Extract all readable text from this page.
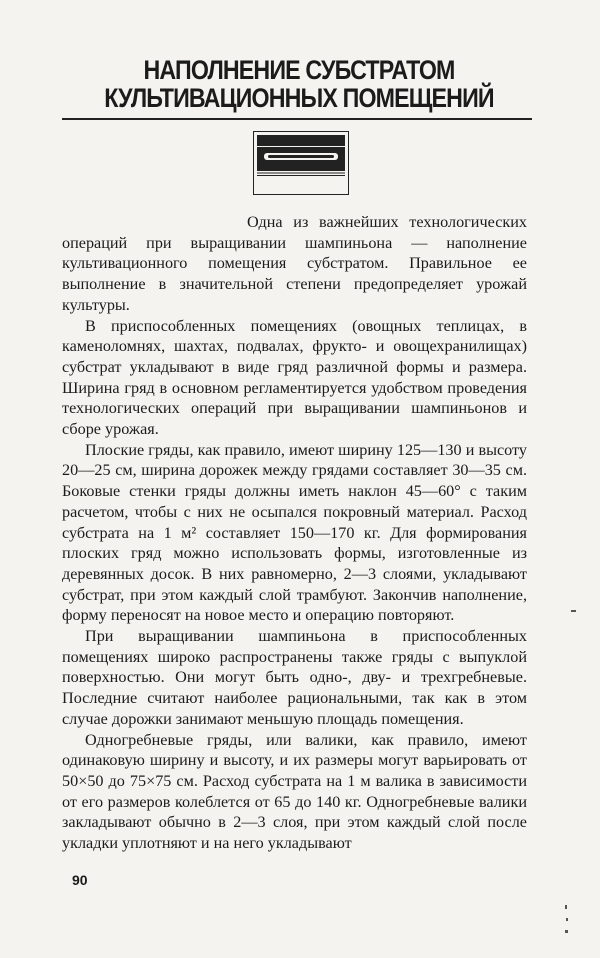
НАПОЛНЕНИЕ СУБСТРАТОМ
КУЛЬТИВАЦИОННЫХ ПОМЕЩЕНИЙ

Одна из важнейших технологических операций при выращивании шампиньона — наполнение культивационного помещения субстратом. Правильное ее выполнение в значительной степени предопределяет урожай культуры.

В приспособленных помещениях (овощных теплицах, в каменоломнях, шахтах, подвалах, фрукто- и овощехранилищах) субстрат укладывают в виде гряд различной формы и размера. Ширина гряд в основном регламентируется удобством проведения технологических операций при выращивании шампиньонов и сборе урожая.

Плоские гряды, как правило, имеют ширину 125—130 и высоту 20—25 см, ширина дорожек между грядами составляет 30—35 см. Боковые стенки гряды должны иметь наклон 45—60° с таким расчетом, чтобы с них не осыпался покровный материал. Расход субстрата на 1 м² составляет 150—170 кг. Для формирования плоских гряд можно использовать формы, изготовленные из деревянных досок. В них равномерно, 2—3 слоями, укладывают субстрат, при этом каждый слой трамбуют. Закончив наполнение, форму переносят на новое место и операцию повторяют.

При выращивании шампиньона в приспособленных помещениях широко распространены также гряды с выпуклой поверхностью. Они могут быть одно-, дву- и трехгребневые. Последние считают наиболее рациональными, так как в этом случае дорожки занимают меньшую площадь помещения.

Одногребневые гряды, или валики, как правило, имеют одинаковую ширину и высоту, и их размеры могут варьировать от 50×50 до 75×75 см. Расход субстрата на 1 м валика в зависимости от его размеров колеблется от 65 до 140 кг. Одногребневые валики закладывают обычно в 2—3 слоя, при этом каждый слой после укладки уплотняют и на него укладывают

90
